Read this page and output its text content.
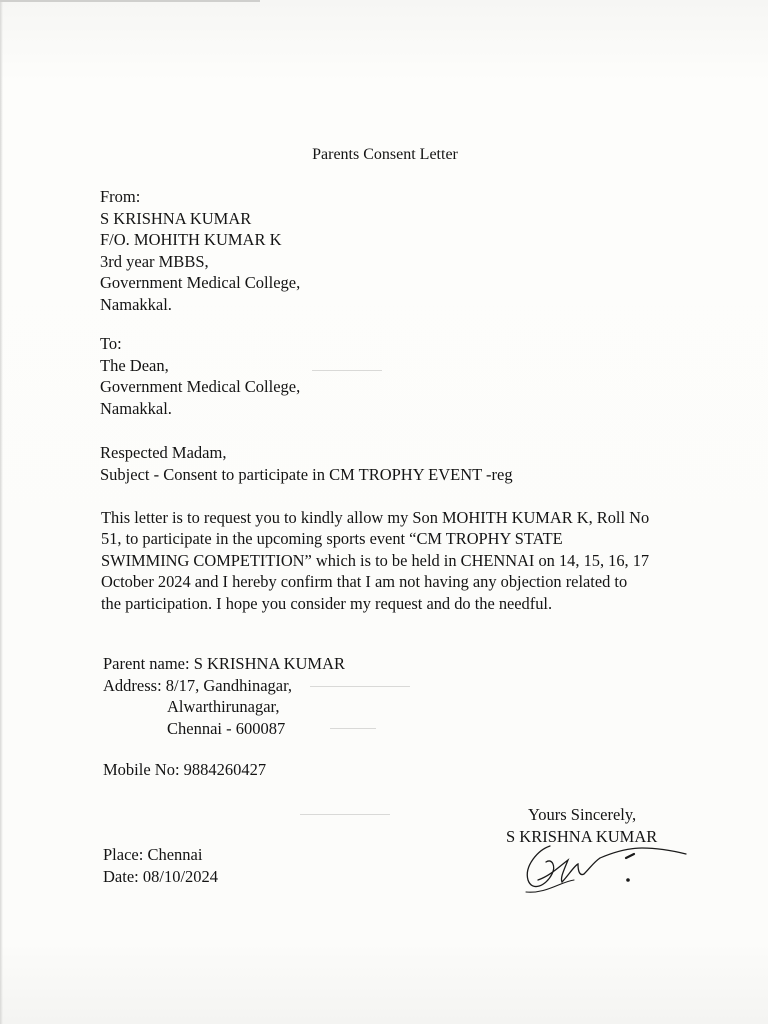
Parents Consent Letter
From:
S KRISHNA KUMAR
F/O. MOHITH KUMAR K
3rd year MBBS,
Government Medical College,
Namakkal.
To:
The Dean,
Government Medical College,
Namakkal.
Respected Madam,
Subject - Consent to participate in CM TROPHY EVENT -reg
This letter is to request you to kindly allow my Son MOHITH KUMAR K, Roll No
51, to participate in the upcoming sports event “CM TROPHY STATE
SWIMMING COMPETITION” which is to be held in CHENNAI on 14, 15, 16, 17
October 2024 and I hereby confirm that I am not having any objection related to
the participation. I hope you consider my request and do the needful.
Parent name: S KRISHNA KUMAR
Address: 8/17, Gandhinagar,
Alwarthirunagar,
Chennai - 600087
Mobile No: 9884260427
Yours Sincerely,
S KRISHNA KUMAR
Place: Chennai
Date: 08/10/2024
